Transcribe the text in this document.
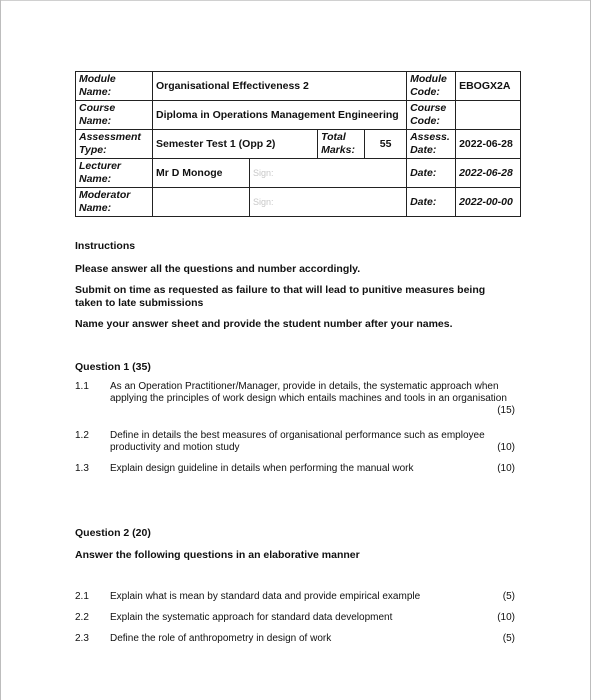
Module Name:	Organisational Effectiveness 2				Module Code:	EBOGX2A
Course Name:	Diploma in Operations Management Engineering				Course Code:	
Assessment Type:	Semester Test 1 (Opp 2)		Total Marks:	55	Assess. Date:	2022-06-28
Lecturer Name:	Mr D Monoge	Sign:			Date:	2022-06-28
Moderator Name:		Sign:			Date:	2022-00-00
Instructions
Please answer all the questions and number accordingly.
Submit on time as requested as failure to that will lead to punitive measures being taken to late submissions
Name your answer sheet and provide the student number after your names.
Question 1 (35)
1.1	As an Operation Practitioner/Manager, provide in details, the systematic approach when applying the principles of work design which entails machines and tools in an organisation
(15)
1.2	Define in details the best measures of organisational performance such as employee productivity and motion study	(10)
1.3	Explain design guideline in details when performing the manual work	(10)
Question 2 (20)
Answer the following questions in an elaborative manner
2.1	Explain what is mean by standard data and provide empirical example	(5)
2.2	Explain the systematic approach for standard data development	(10)
2.3	Define the role of anthropometry in design of work	(5)
